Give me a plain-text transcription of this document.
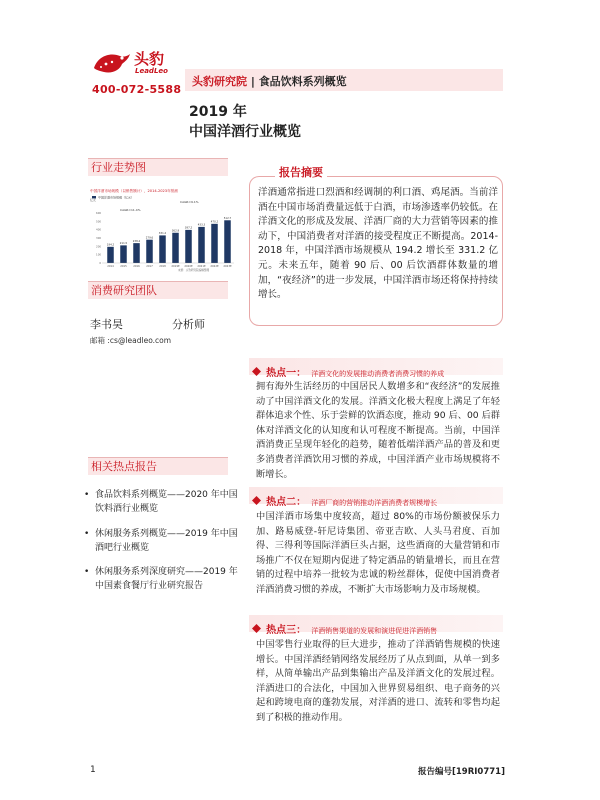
头豹
LeadLeo
400-072-5588
头豹研究院 | 食品饮料系列概览
2019 年
中国洋酒行业概览
行业走势图
中国洋酒市场规模（以销售额计），2014-2023年预测
中国洋酒市场规模（亿元）
CAGR=11.4%
CAGR=9.1%
亿元
0
100
200
300
400
500
600
194.2 211.5
238.4
279.6
331.2
362.9
397.2
433.3
470.2
512.7
2014 2015 2016 2017 2018 2019E 2020E 2021E 2022E 2023E
来源：头豹研究院编辑整理
消费研究团队
李书昊	分析师
邮箱 :cs@leadleo.com
相关热点报告
• 食品饮料系列概览——2020 年中国饮料酒行业概览
• 休闲服务系列概览——2019 年中国酒吧行业概览
• 休闲服务系列深度研究——2019 年中国素食餐厅行业研究报告
报告摘要
洋酒通常指进口烈酒和经调制的利口酒、鸡尾酒。当前洋酒在中国市场消费量远低于白酒，市场渗透率仍较低。在洋酒文化的形成及发展、洋酒厂商的大力营销等因素的推动下，中国消费者对洋酒的接受程度正不断提高。2014-2018 年，中国洋酒市场规模从 194.2 增长至 331.2 亿元。未来五年，随着 90 后、00 后饮酒群体数量的增加，“夜经济”的进一步发展，中国洋酒市场还将保持持续增长。
热点一： 洋酒文化的发展推动消费者消费习惯的养成
拥有海外生活经历的中国居民人数增多和“夜经济”的发展推动了中国洋酒文化的发展。洋酒文化极大程度上满足了年轻群体追求个性、乐于尝鲜的饮酒态度，推动 90 后、00 后群体对洋酒文化的认知度和认可程度不断提高。当前，中国洋酒消费正呈现年轻化的趋势，随着低端洋酒产品的普及和更多消费者洋酒饮用习惯的养成，中国洋酒产业市场规模将不断增长。
热点二： 洋酒厂商的营销推动洋酒消费者规模增长
中国洋酒市场集中度较高，超过 80%的市场份额被保乐力加、路易威登-轩尼诗集团、帝亚吉欧、人头马君度、百加得、三得利等国际洋酒巨头占据，这些酒商的大量营销和市场推广不仅在短期内促进了特定酒品的销量增长，而且在营销的过程中培养一批较为忠诚的粉丝群体，促使中国消费者洋酒消费习惯的养成，不断扩大市场影响力及市场规模。
热点三： 洋酒销售渠道的发展和演进促进洋酒销售
中国零售行业取得的巨大进步，推动了洋酒销售规模的快速增长。中国洋酒经销网络发展经历了从点到面，从单一到多样，从简单输出产品到集输出产品及洋酒文化的发展过程。洋酒进口的合法化，中国加入世界贸易组织、电子商务的兴起和跨境电商的蓬勃发展，对洋酒的进口、流转和零售均起到了积极的推动作用。
1	报告编号[19RI0771]
